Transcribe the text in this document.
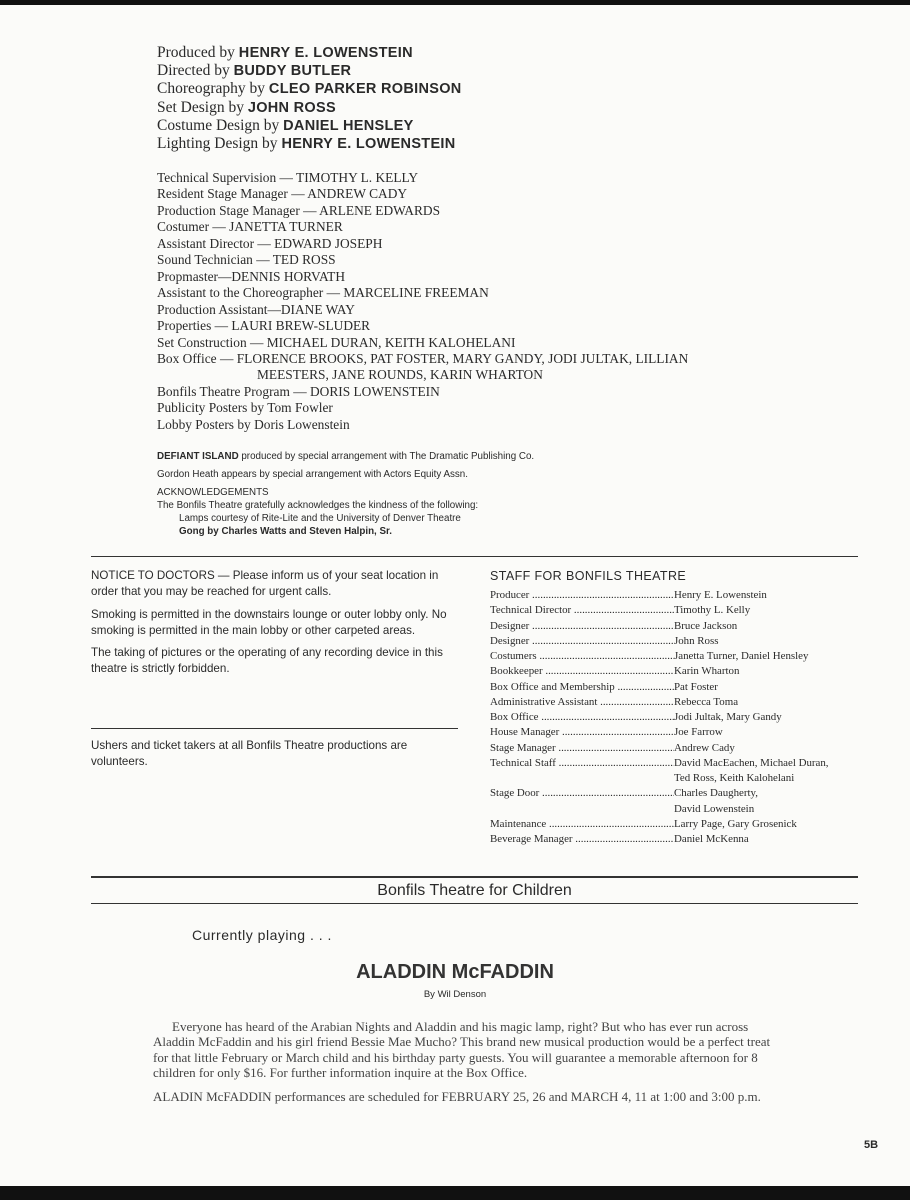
Produced by HENRY E. LOWENSTEIN
Directed by BUDDY BUTLER
Choreography by CLEO PARKER ROBINSON
Set Design by JOHN ROSS
Costume Design by DANIEL HENSLEY
Lighting Design by HENRY E. LOWENSTEIN
Technical Supervision — TIMOTHY L. KELLY
Resident Stage Manager — ANDREW CADY
Production Stage Manager — ARLENE EDWARDS
Costumer — JANETTA TURNER
Assistant Director — EDWARD JOSEPH
Sound Technician — TED ROSS
Propmaster—DENNIS HORVATH
Assistant to the Choreographer — MARCELINE FREEMAN
Production Assistant—DIANE WAY
Properties — LAURI BREW-SLUDER
Set Construction — MICHAEL DURAN, KEITH KALOHELANI
Box Office — FLORENCE BROOKS, PAT FOSTER, MARY GANDY, JODI JULTAK, LILLIAN
MEESTERS, JANE ROUNDS, KARIN WHARTON
Bonfils Theatre Program — DORIS LOWENSTEIN
Publicity Posters by Tom Fowler
Lobby Posters by Doris Lowenstein
DEFIANT ISLAND produced by special arrangement with The Dramatic Publishing Co.
Gordon Heath appears by special arrangement with Actors Equity Assn.
ACKNOWLEDGEMENTS
The Bonfils Theatre gratefully acknowledges the kindness of the following:
Lamps courtesy of Rite-Lite and the University of Denver Theatre
Gong by Charles Watts and Steven Halpin, Sr.

NOTICE TO DOCTORS — Please inform us of your seat location in order that you may be reached for urgent calls.

Smoking is permitted in the downstairs lounge or outer lobby only. No smoking is permitted in the main lobby or other carpeted areas.

The taking of pictures or the operating of any recording device in this theatre is strictly forbidden.

Ushers and ticket takers at all Bonfils Theatre productions are volunteers.
STAFF FOR BONFILS THEATRE
Producer .....	Henry E. Lowenstein
Technical Director .....	Timothy L. Kelly
Designer .....	Bruce Jackson
Designer .....	John Ross
Costumers .....	Janetta Turner, Daniel Hensley
Bookkeeper .....	Karin Wharton
Box Office and Membership .....	Pat Foster
Administrative Assistant .....	Rebecca Toma
Box Office .....	Jodi Jultak, Mary Gandy
House Manager .....	Joe Farrow
Stage Manager .....	Andrew Cady
Technical Staff .....	David MacEachen, Michael Duran,
Ted Ross, Keith Kalohelani
Stage Door .....	Charles Daugherty,
David Lowenstein
Maintenance .....	Larry Page, Gary Grosenick
Beverage Manager .....	Daniel McKenna
Bonfils Theatre for Children
Currently playing . . .
ALADDIN McFADDIN
By Wil Denson

Everyone has heard of the Arabian Nights and Aladdin and his magic lamp, right? But who has ever run across Aladdin McFaddin and his girl friend Bessie Mae Mucho? This brand new musical production would be a perfect treat for that little February or March child and his birthday party guests. You will guarantee a memorable afternoon for 8 children for only $16. For further information inquire at the Box Office.

ALADIN McFADDIN performances are scheduled for FEBRUARY 25, 26 and MARCH 4, 11 at 1:00 and 3:00 p.m.

5B
